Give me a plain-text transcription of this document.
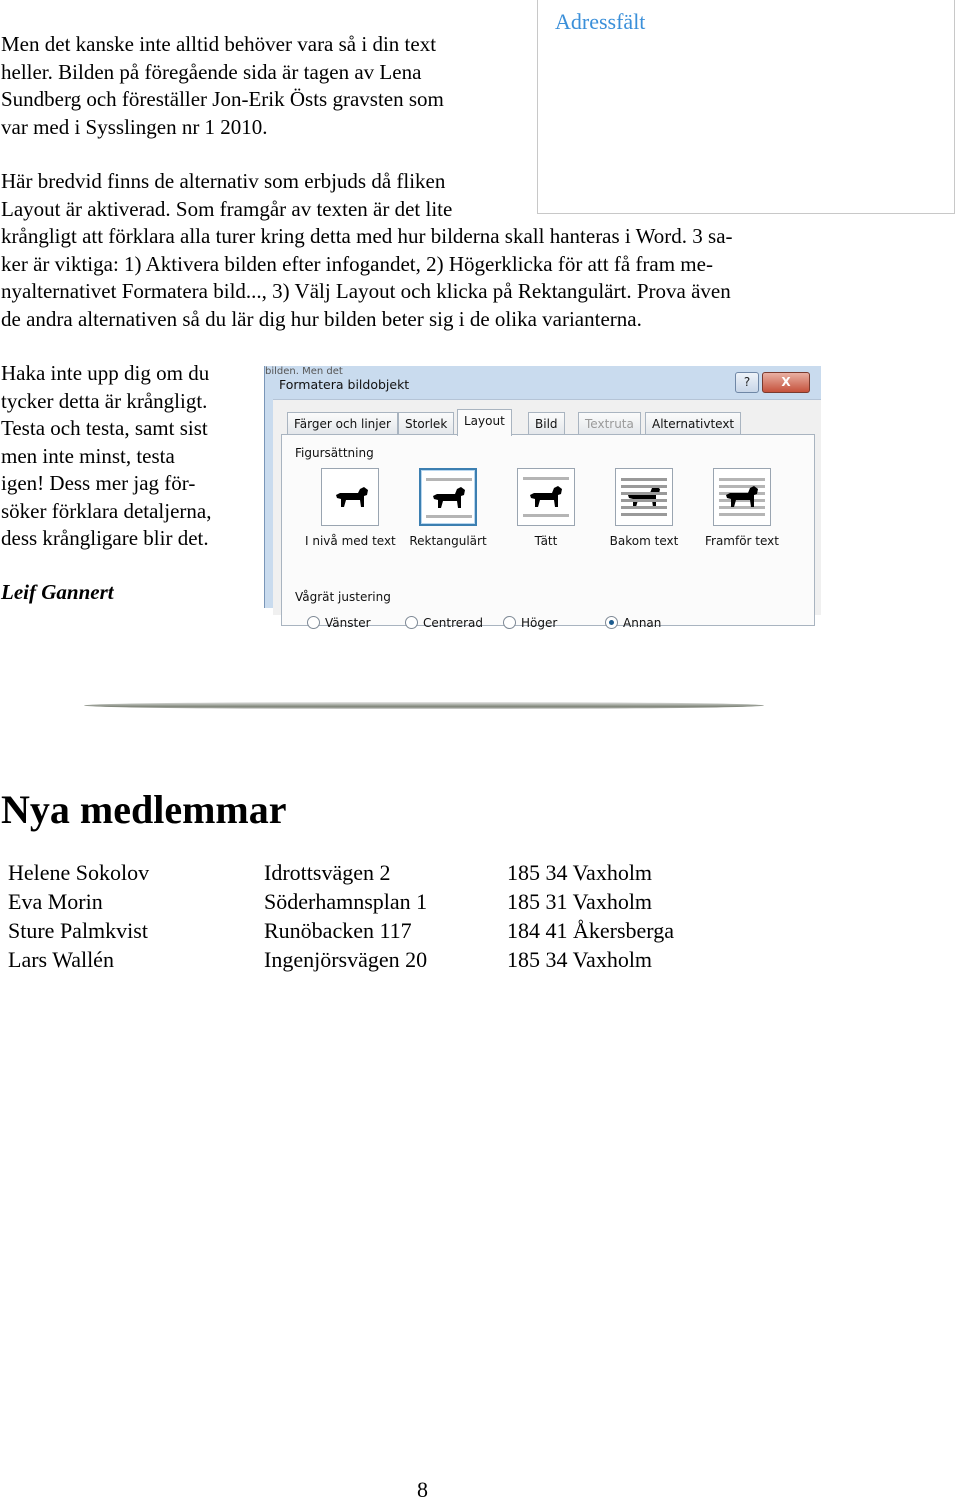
Men det kanske inte alltid behöver vara så i din text
heller. Bilden på föregående sida är tagen av Lena
Sundberg och föreställer Jon-Erik Östs gravsten som
var med i Sysslingen nr 1 2010.
Adressfält
Här bredvid finns de alternativ som erbjuds då fliken
Layout är aktiverad. Som framgår av texten är det lite
krångligt att förklara alla turer kring detta med hur bilderna skall hanteras i Word. 3 sa-
ker är viktiga: 1) Aktivera bilden efter infogandet, 2) Högerklicka för att få fram me-
nyalternativet Formatera bild..., 3) Välj Layout och klicka på Rektangulärt. Prova även
de andra alternativen så du lär dig hur bilden beter sig i de olika varianterna.
Haka inte upp dig om du
tycker detta är krångligt.
Testa och testa, samt sist
men inte minst, testa
igen! Dess mer jag för-
söker förklara detaljerna,
dess krångligare blir det.
Leif Gannert
bilden. Men det
Formatera bildobjekt	?	X
Färger och linjer	Storlek	Layout	Bild	Textruta	Alternativtext
Figursättning
I nivå med text	Rektangulärt	Tätt	Bakom text	Framför text
Vågrät justering
Vänster	Centrerad	Höger	Annan
Nya medlemmar
Helene Sokolov	Idrottsvägen 2	185 34 Vaxholm
Eva Morin	Söderhamnsplan 1	185 31 Vaxholm
Sture Palmkvist	Runöbacken 117	184 41 Åkersberga
Lars Wallén	Ingenjörsvägen 20	185 34 Vaxholm
8
